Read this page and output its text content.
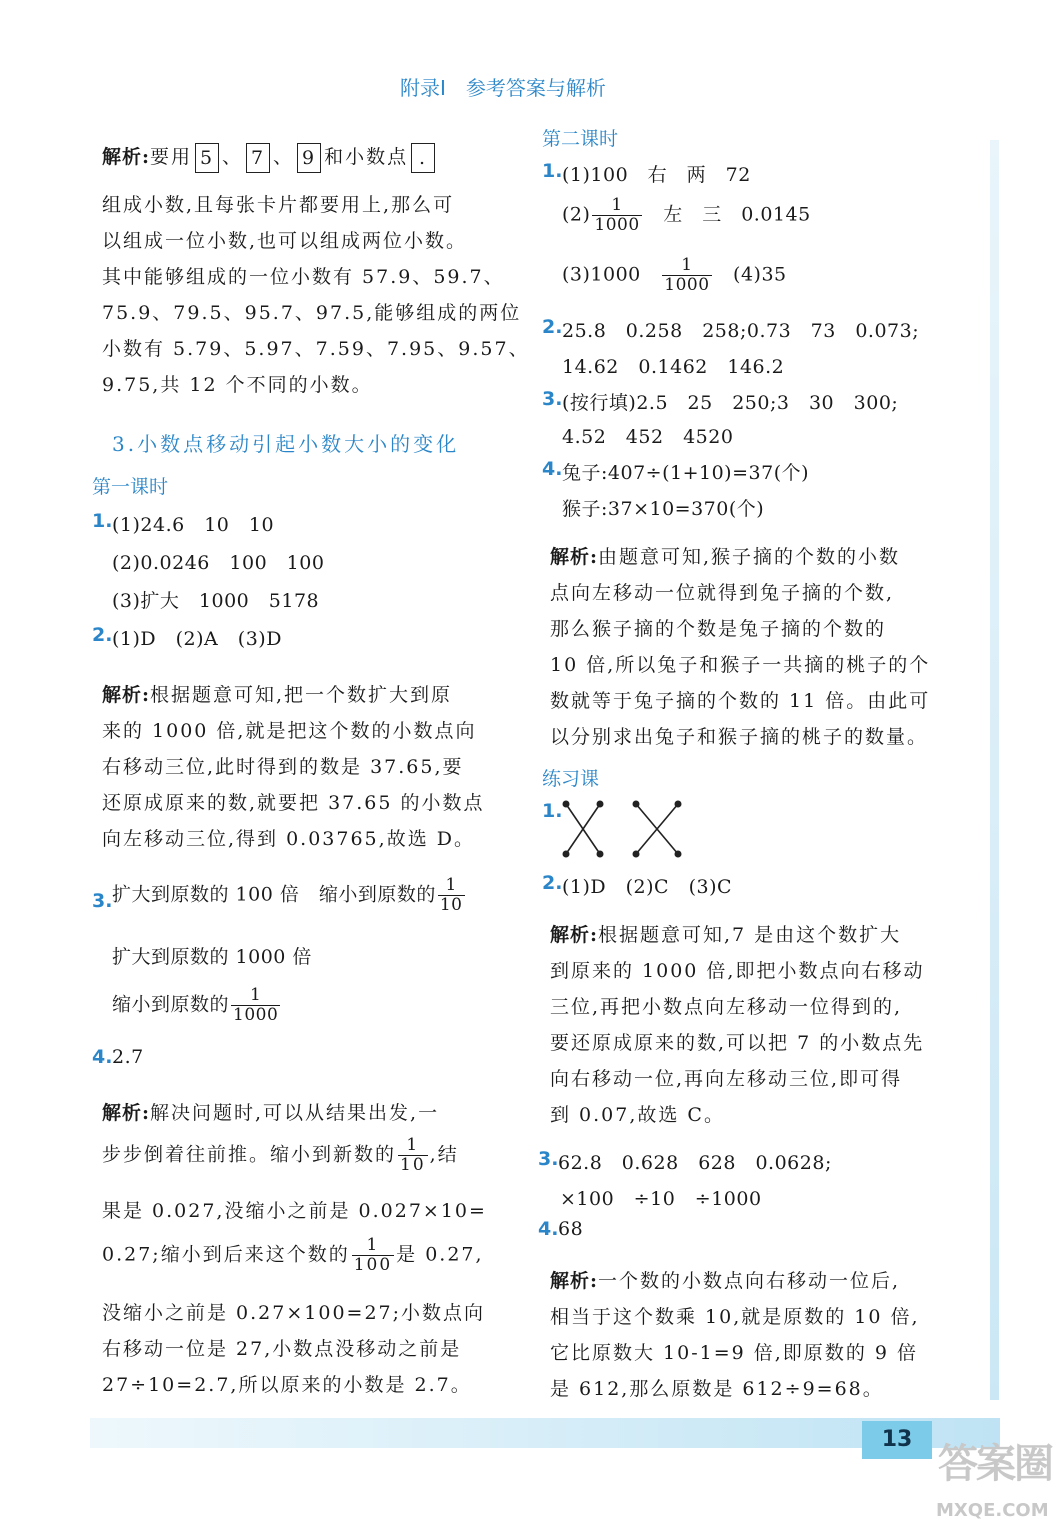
附录Ⅰ　参考答案与解析
解析:要用 5 、 7 、 9 和小数点 .
组成小数,且每张卡片都要用上,那么可
以组成一位小数,也可以组成两位小数。
其中能够组成的一位小数有 57.9、59.7、
75.9、79.5、95.7、97.5,能够组成的两位
小数有 5.79、5.97、7.59、7.95、9.57、
9.75,共 12 个不同的小数。
3.小数点移动引起小数大小的变化
第一课时
1. (1)24.6　10　10
(2)0.0246　100　100
(3)扩大　1000　5178
2. (1)D　(2)A　(3)D
解析:根据题意可知,把一个数扩大到原
来的 1000 倍,就是把这个数的小数点向
右移动三位,此时得到的数是 37.65,要
还原成原来的数,就要把 37.65 的小数点
向左移动三位,得到 0.03765,故选 D。
3. 扩大到原数的 100 倍　缩小到原数的 $\frac{1}{10}$
扩大到原数的 1000 倍
缩小到原数的 $\frac{1}{1000}$
4. 2.7
解析:解决问题时,可以从结果出发,一
步步倒着往前推。缩小到新数的 $\frac{1}{10}$ ,结
果是 0.027,没缩小之前是 0.027×10=
0.27;缩小到后来这个数的 $\frac{1}{100}$ 是 0.27,
没缩小之前是 0.27×100=27;小数点向
右移动一位是 27,小数点没移动之前是
27÷10=2.7,所以原来的小数是 2.7。
第二课时
1. (1)100　右　两　72
$(2) \frac{1}{1000}$ 　左　三　0.0145
(3)1000　 $\frac{1}{1000}$ 　(4)35
2. 25.8　0.258　258;0.73　73　0.073;
14.62　0.1462　146.2
3. (按行填)2.5　25　250;3　30　300;
4.52　452　4520
4. 兔子:407÷(1+10)=37(个)
猴子:37×10=370(个)
解析:由题意可知,猴子摘的个数的小数
点向左移动一位就得到兔子摘的个数,
那么猴子摘的个数是兔子摘的个数的
10 倍,所以兔子和猴子一共摘的桃子的个
数就等于兔子摘的个数的 11 倍。由此可
以分别求出兔子和猴子摘的桃子的数量。
练习课
1.
2. (1)D　(2)C　(3)C
解析:根据题意可知,7 是由这个数扩大
到原来的 1000 倍,即把小数点向右移动
三位,再把小数点向左移动一位得到的,
要还原成原来的数,可以把 7 的小数点先
向右移动一位,再向左移动三位,即可得
到 0.07,故选 C。
3. 62.8　0.628　628　0.0628;
×100　÷10　÷1000
4. 68
解析:一个数的小数点向右移动一位后,
相当于这个数乘 10,就是原数的 10 倍,
它比原数大 10-1=9 倍,即原数的 9 倍
是 612,那么原数是 612÷9=68。
13
答案圈
MXQE.COM
